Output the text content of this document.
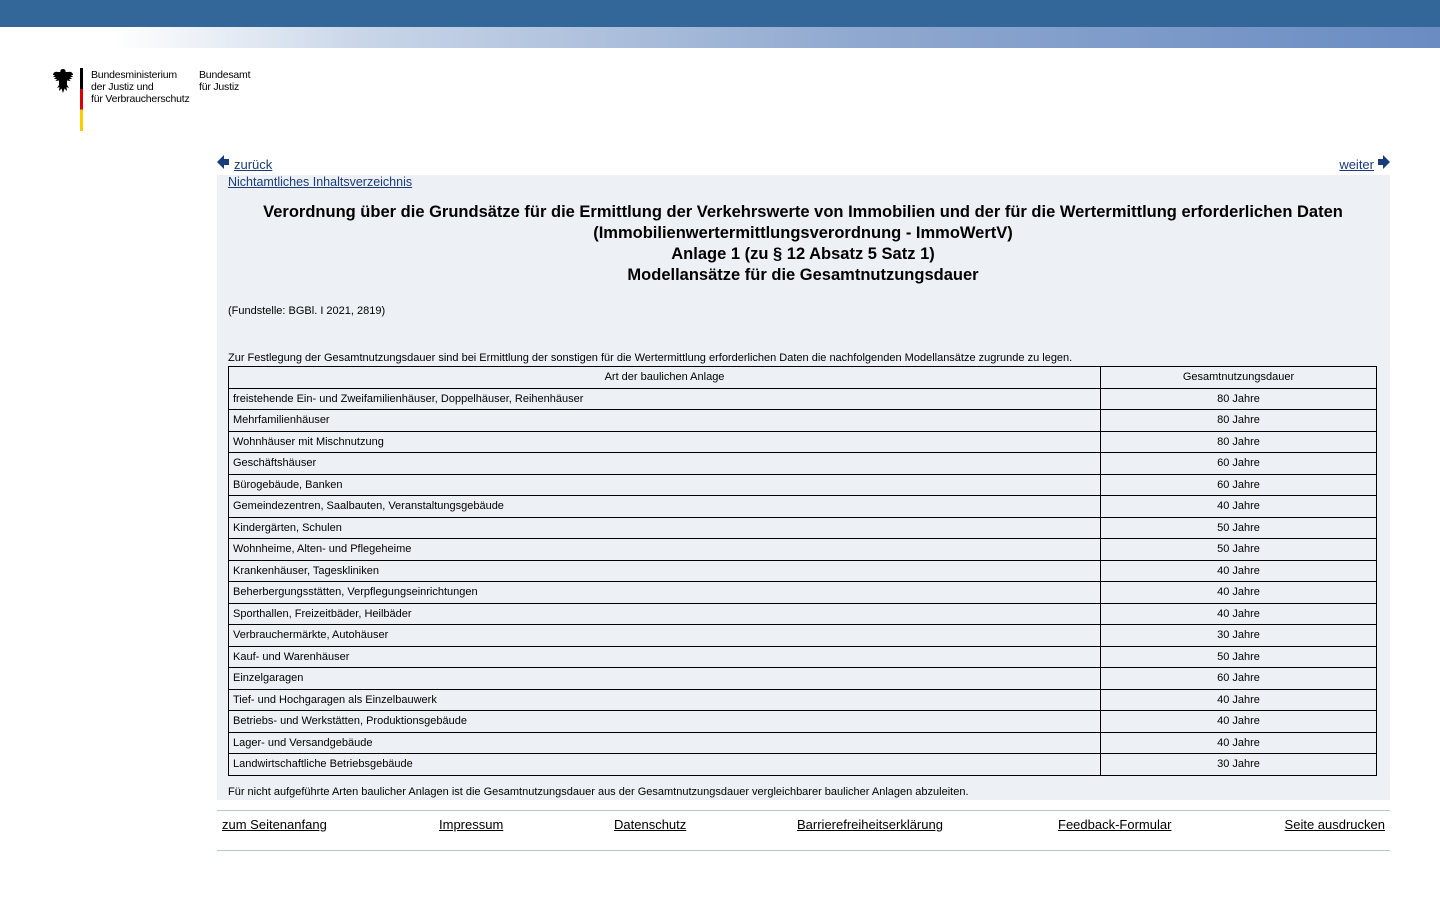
Bundesministerium
der Justiz und
für Verbraucherschutz
Bundesamt
für Justiz
zurück	weiter
Nichtamtliches Inhaltsverzeichnis
Verordnung über die Grundsätze für die Ermittlung der Verkehrswerte von Immobilien und der für die Wertermittlung erforderlichen Daten
(Immobilienwertermittlungsverordnung - ImmoWertV)
Anlage 1 (zu § 12 Absatz 5 Satz 1)
Modellansätze für die Gesamtnutzungsdauer
(Fundstelle: BGBl. I 2021, 2819)
Zur Festlegung der Gesamtnutzungsdauer sind bei Ermittlung der sonstigen für die Wertermittlung erforderlichen Daten die nachfolgenden Modellansätze zugrunde zu legen.
Art der baulichen Anlage	Gesamtnutzungsdauer
freistehende Ein- und Zweifamilienhäuser, Doppelhäuser, Reihenhäuser	80 Jahre
Mehrfamilienhäuser	80 Jahre
Wohnhäuser mit Mischnutzung	80 Jahre
Geschäftshäuser	60 Jahre
Bürogebäude, Banken	60 Jahre
Gemeindezentren, Saalbauten, Veranstaltungsgebäude	40 Jahre
Kindergärten, Schulen	50 Jahre
Wohnheime, Alten- und Pflegeheime	50 Jahre
Krankenhäuser, Tageskliniken	40 Jahre
Beherbergungsstätten, Verpflegungseinrichtungen	40 Jahre
Sporthallen, Freizeitbäder, Heilbäder	40 Jahre
Verbrauchermärkte, Autohäuser	30 Jahre
Kauf- und Warenhäuser	50 Jahre
Einzelgaragen	60 Jahre
Tief- und Hochgaragen als Einzelbauwerk	40 Jahre
Betriebs- und Werkstätten, Produktionsgebäude	40 Jahre
Lager- und Versandgebäude	40 Jahre
Landwirtschaftliche Betriebsgebäude	30 Jahre
Für nicht aufgeführte Arten baulicher Anlagen ist die Gesamtnutzungsdauer aus der Gesamtnutzungsdauer vergleichbarer baulicher Anlagen abzuleiten.
zum Seitenanfang	Impressum	Datenschutz	Barrierefreiheitserklärung	Feedback-Formular	Seite ausdrucken
